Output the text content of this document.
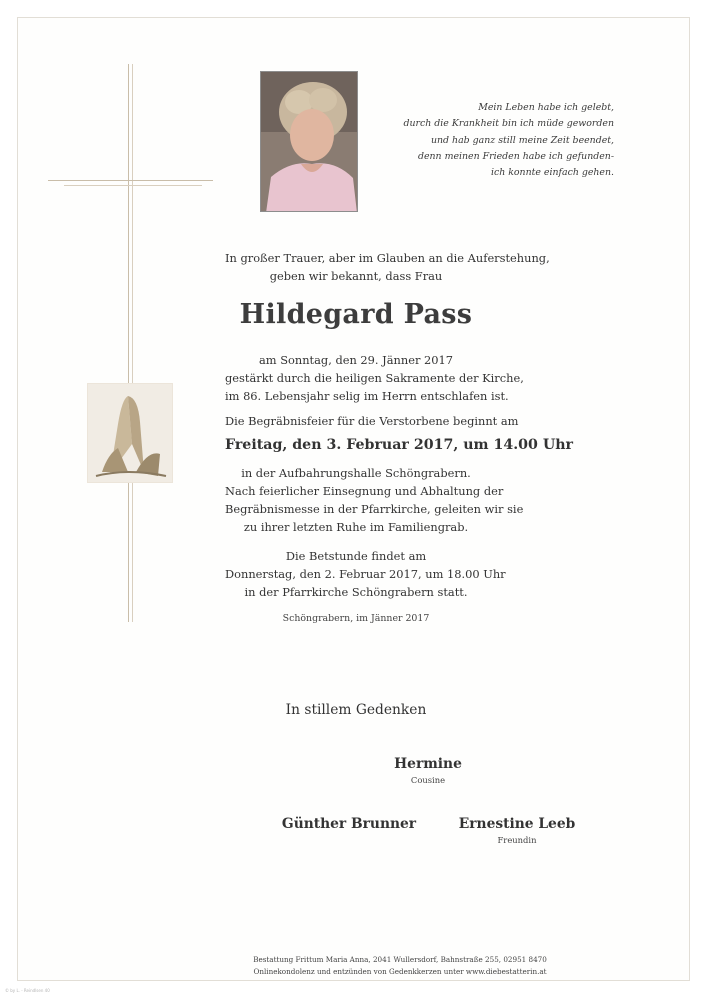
Mein Leben habe ich gelebt,
durch die Krankheit bin ich müde geworden
und hab ganz still meine Zeit beendet,
denn meinen Frieden habe ich gefunden-
ich konnte einfach gehen.
In großer Trauer, aber im Glauben an die Auferstehung,
geben wir bekannt, dass Frau
Hildegard Pass
am Sonntag, den 29. Jänner 2017
gestärkt durch die heiligen Sakramente der Kirche,
im 86. Lebensjahr selig im Herrn entschlafen ist.
Die Begräbnisfeier für die Verstorbene beginnt am
Freitag, den 3. Februar 2017, um 14.00 Uhr
in der Aufbahrungshalle Schöngrabern.
Nach feierlicher Einsegnung und Abhaltung der
Begräbnismesse in der Pfarrkirche, geleiten wir sie
zu ihrer letzten Ruhe im Familiengrab.
Die Betstunde findet am
Donnerstag, den 2. Februar 2017, um 18.00 Uhr
in der Pfarrkirche Schöngrabern statt.
Schöngrabern, im Jänner 2017
In stillem Gedenken
Hermine
Cousine
Günther Brunner	Ernestine Leeb
Freundin
Bestattung Frittum Maria Anna, 2041 Wullersdorf, Bahnstraße 255, 02951 8470
Onlinekondolenz und entzünden von Gedenkkerzen unter www.diebestatterin.at
© by L. - Reindlsen 40
